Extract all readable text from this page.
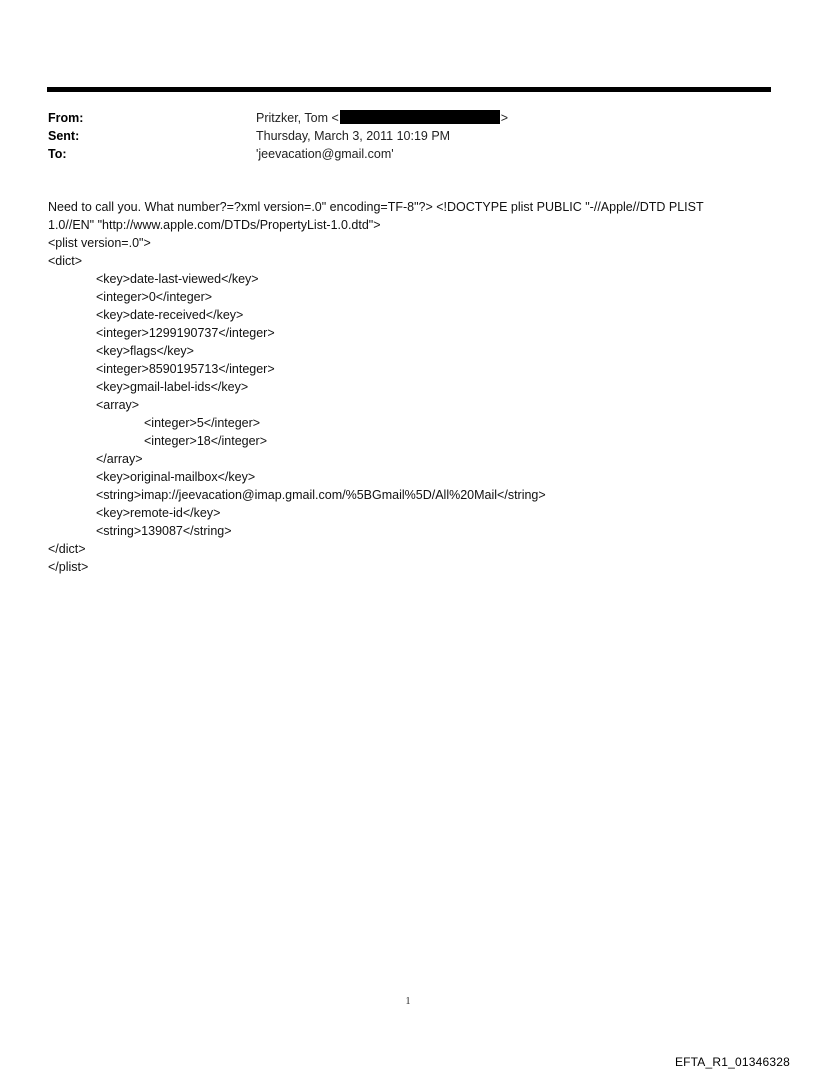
From:	Pritzker, Tom <	>
Sent:	Thursday, March 3, 2011 10:19 PM
To:	'jeevacation@gmail.com'
Need to call you. What number?=?xml version=.0" encoding=TF-8"?> <!DOCTYPE plist PUBLIC "-//Apple//DTD PLIST
1.0//EN" "http://www.apple.com/DTDs/PropertyList-1.0.dtd">
<plist version=.0">
<dict>
<key>date-last-viewed</key>
<integer>0</integer>
<key>date-received</key>
<integer>1299190737</integer>
<key>flags</key>
<integer>8590195713</integer>
<key>gmail-label-ids</key>
<array>
<integer>5</integer>
<integer>18</integer>
</array>
<key>original-mailbox</key>
<string>imap://jeevacation@imap.gmail.com/%5BGmail%5D/All%20Mail</string>
<key>remote-id</key>
<string>139087</string>
</dict>
</plist>
1
EFTA_R1_01346328
